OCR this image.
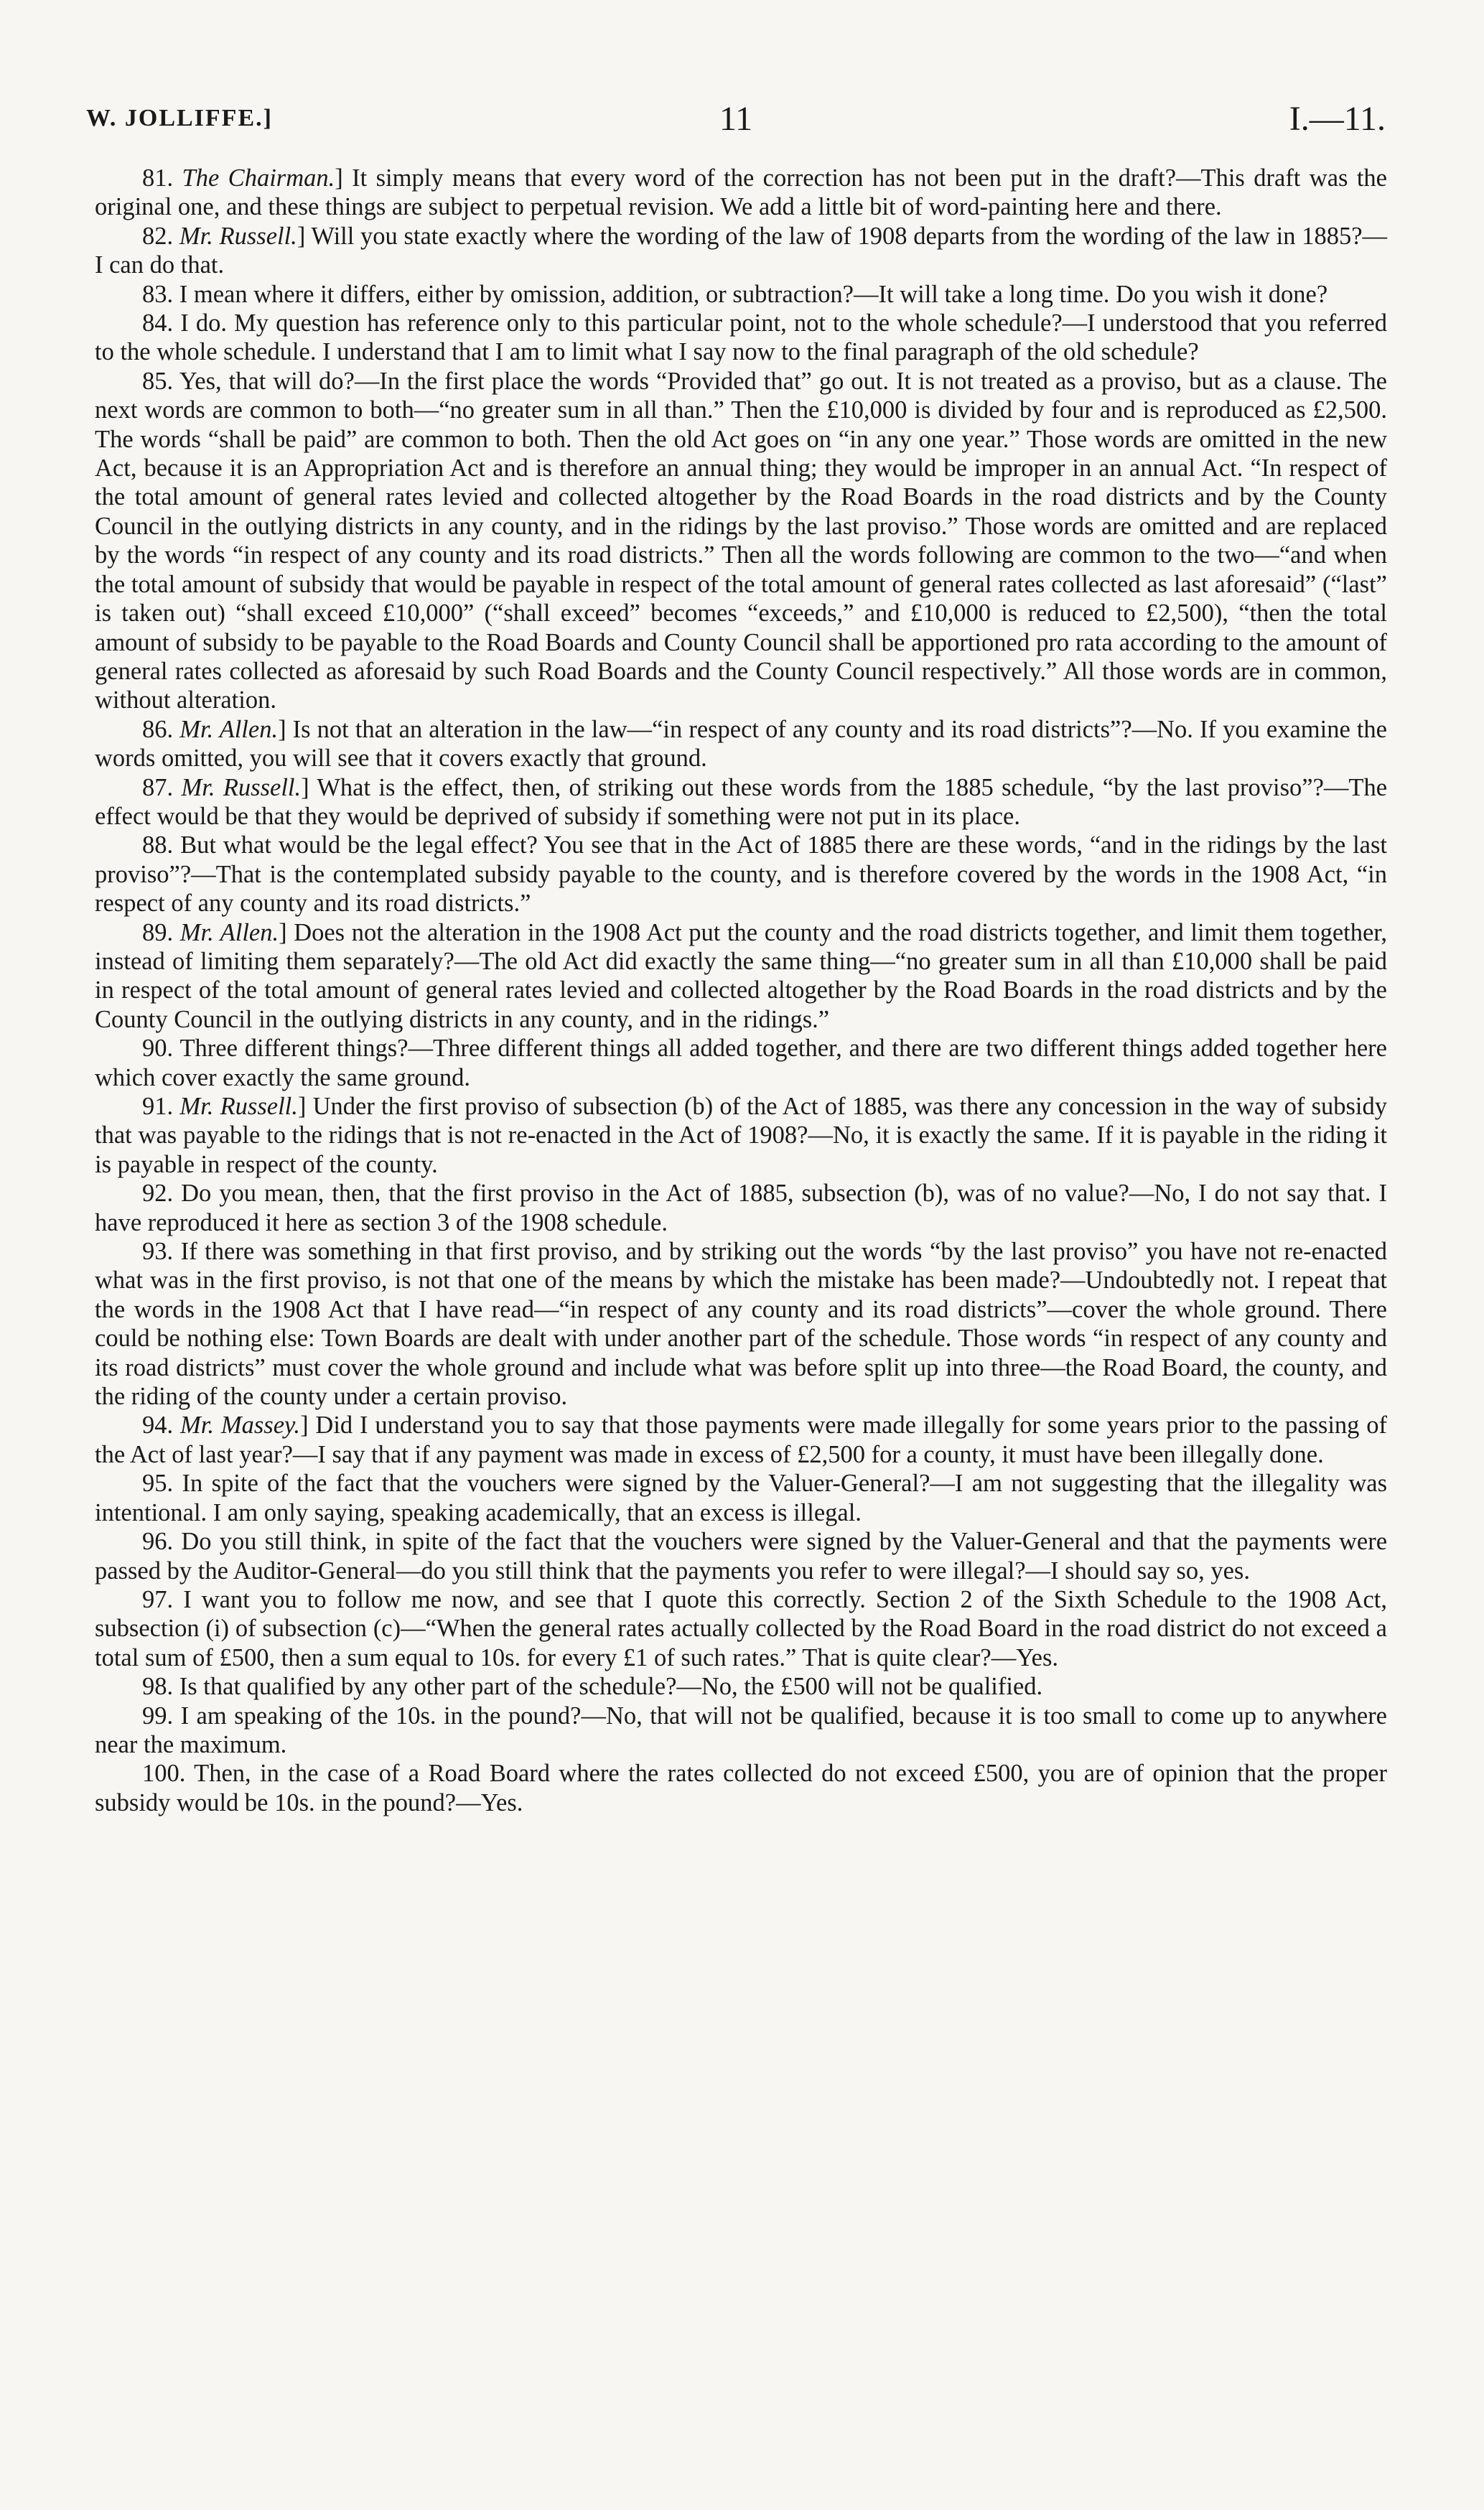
W. JOLLIFFE.]	11	I.—11.

81. The Chairman.] It simply means that every word of the correction has not been put in the draft?—This draft was the original one, and these things are subject to perpetual revision. We add a little bit of word-painting here and there.

82. Mr. Russell.] Will you state exactly where the wording of the law of 1908 departs from the wording of the law in 1885?—I can do that.

83. I mean where it differs, either by omission, addition, or subtraction?—It will take a long time. Do you wish it done?

84. I do. My question has reference only to this particular point, not to the whole schedule?—I understood that you referred to the whole schedule. I understand that I am to limit what I say now to the final paragraph of the old schedule?

85. Yes, that will do?—In the first place the words “Provided that” go out. It is not treated as a proviso, but as a clause. The next words are common to both—“no greater sum in all than.” Then the £10,000 is divided by four and is reproduced as £2,500. The words “shall be paid” are common to both. Then the old Act goes on “in any one year.” Those words are omitted in the new Act, because it is an Appropriation Act and is therefore an annual thing; they would be improper in an annual Act. “In respect of the total amount of general rates levied and collected altogether by the Road Boards in the road districts and by the County Council in the outlying districts in any county, and in the ridings by the last proviso.” Those words are omitted and are replaced by the words “in respect of any county and its road districts.” Then all the words following are common to the two—“and when the total amount of subsidy that would be payable in respect of the total amount of general rates collected as last aforesaid” (“last” is taken out) “shall exceed £10,000” (“shall exceed” becomes “exceeds,” and £10,000 is reduced to £2,500), “then the total amount of subsidy to be payable to the Road Boards and County Council shall be apportioned pro rata according to the amount of general rates collected as aforesaid by such Road Boards and the County Council respectively.” All those words are in common, without alteration.

86. Mr. Allen.] Is not that an alteration in the law—“in respect of any county and its road districts”?—No. If you examine the words omitted, you will see that it covers exactly that ground.

87. Mr. Russell.] What is the effect, then, of striking out these words from the 1885 schedule, “by the last proviso”?—The effect would be that they would be deprived of subsidy if something were not put in its place.

88. But what would be the legal effect? You see that in the Act of 1885 there are these words, “and in the ridings by the last proviso”?—That is the contemplated subsidy payable to the county, and is therefore covered by the words in the 1908 Act, “in respect of any county and its road districts.”

89. Mr. Allen.] Does not the alteration in the 1908 Act put the county and the road districts together, and limit them together, instead of limiting them separately?—The old Act did exactly the same thing—“no greater sum in all than £10,000 shall be paid in respect of the total amount of general rates levied and collected altogether by the Road Boards in the road districts and by the County Council in the outlying districts in any county, and in the ridings.”

90. Three different things?—Three different things all added together, and there are two different things added together here which cover exactly the same ground.

91. Mr. Russell.] Under the first proviso of subsection (b) of the Act of 1885, was there any concession in the way of subsidy that was payable to the ridings that is not re-enacted in the Act of 1908?—No, it is exactly the same. If it is payable in the riding it is payable in respect of the county.

92. Do you mean, then, that the first proviso in the Act of 1885, subsection (b), was of no value?—No, I do not say that. I have reproduced it here as section 3 of the 1908 schedule.

93. If there was something in that first proviso, and by striking out the words “by the last proviso” you have not re-enacted what was in the first proviso, is not that one of the means by which the mistake has been made?—Undoubtedly not. I repeat that the words in the 1908 Act that I have read—“in respect of any county and its road districts”—cover the whole ground. There could be nothing else: Town Boards are dealt with under another part of the schedule. Those words “in respect of any county and its road districts” must cover the whole ground and include what was before split up into three—the Road Board, the county, and the riding of the county under a certain proviso.

94. Mr. Massey.] Did I understand you to say that those payments were made illegally for some years prior to the passing of the Act of last year?—I say that if any payment was made in excess of £2,500 for a county, it must have been illegally done.

95. In spite of the fact that the vouchers were signed by the Valuer-General?—I am not suggesting that the illegality was intentional. I am only saying, speaking academically, that an excess is illegal.

96. Do you still think, in spite of the fact that the vouchers were signed by the Valuer-General and that the payments were passed by the Auditor-General—do you still think that the payments you refer to were illegal?—I should say so, yes.

97. I want you to follow me now, and see that I quote this correctly. Section 2 of the Sixth Schedule to the 1908 Act, subsection (i) of subsection (c)—“When the general rates actually collected by the Road Board in the road district do not exceed a total sum of £500, then a sum equal to 10s. for every £1 of such rates.” That is quite clear?—Yes.

98. Is that qualified by any other part of the schedule?—No, the £500 will not be qualified.

99. I am speaking of the 10s. in the pound?—No, that will not be qualified, because it is too small to come up to anywhere near the maximum.

100. Then, in the case of a Road Board where the rates collected do not exceed £500, you are of opinion that the proper subsidy would be 10s. in the pound?—Yes.
